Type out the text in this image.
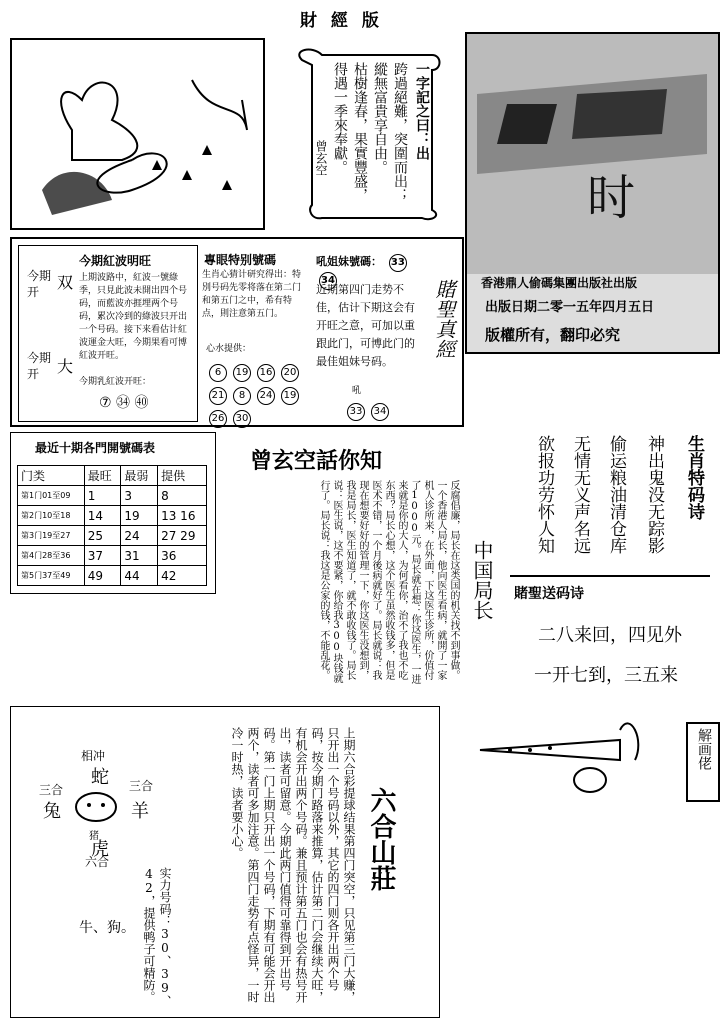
財 經 版
一字記之曰：出
跨過絕難，突圍而出；
縱無富貴享自由。
枯樹逢春，果實豐盛，
得遇一季來奉獻。
曾玄空
时
香港鼎人偷碼集團出版社出版
出版日期二零一五年四月五日
版權所有，翻印必究
今期紅波明旺
今期开	双
今期开	大
上期波路中，紅波一號綠季，只見此波未開出四个号码，而藍波亦捱埋两个号码，累次冷到的綠波只开出一个号码。接下来看估计紅波運金大旺，今期果看可博紅波开旺。
今期乳紅波开旺：
⑦ ㉞ ㊵
專眼特别號碼
生肖心猜计研究得出：特別号码先零将落在第二门和第五门之中，希有特点，則注意第五门。
心水提供：
6 19 16 2021 8 24 1926 30
吼姐妹號碼： 3334
近期第四门走势不佳，估计下期这会有开旺之意，可加以重跟此门，可博此门的最佳姐妹号码。
吼
33 34
賭聖真經
最近十期各門開號碼表
门类	最旺	最弱	提供
第1门01至09	1	3	8
第2门10至18	14	19	13 16
第3门19至27	25	24	27 29
第4门28至36	37	31	36
第5门37至49	49	44	42
曾玄空話你知
反腐倡廉，局长在这类国的机关找不到事做。一个香港人局长，他向医生看病，就開了一家机人诊所来，在外面，下这医生诊所，价值付了1000元。局长就在想：你这医生，一进来就是你的大人，为何看你，治不了我也不吃东西？局长心想，这个医生虽然收钱多，但是医术不错，一个月後病就好了。局长就说：我现在想要好好的管理一下，你这医生没想到，我是局长，医生知道了，就不敢收钱了。局长说：医生说，这不要紧，你给我300块钱就行了。局长说：我这是公家的钱，不能乱花。	中国局长
生肖特码诗
神出鬼没无踪影
偷运粮油清仓库
无情无义声名远
欲报功劳怀人知
賭聖送码诗
二八来回，四见外
一开七到，三五来
相冲
蛇
三合
兔
猪
三合
羊
虎
六合
牛、狗。	上期六合彩提球结果第四门突空，只见第三门大赚，只开出一个号码以外，其它的四门则各开出两个号码，按今期门路落来推算，估计第二门会继续大旺，有机会开出两个号码。兼且预计第五门也会有热号开出，读者可留意。今期此两门值得可靠得到开出号码。第一门上期只开出一个号码，下期有可能会开出两个，读者可多加注意。第四门走势有点怪异，一时冷一时热，读者要小心。
实力号码：30、39、42，提供鸭子可精防。
六合山莊
提供生肖精防
解画佬
